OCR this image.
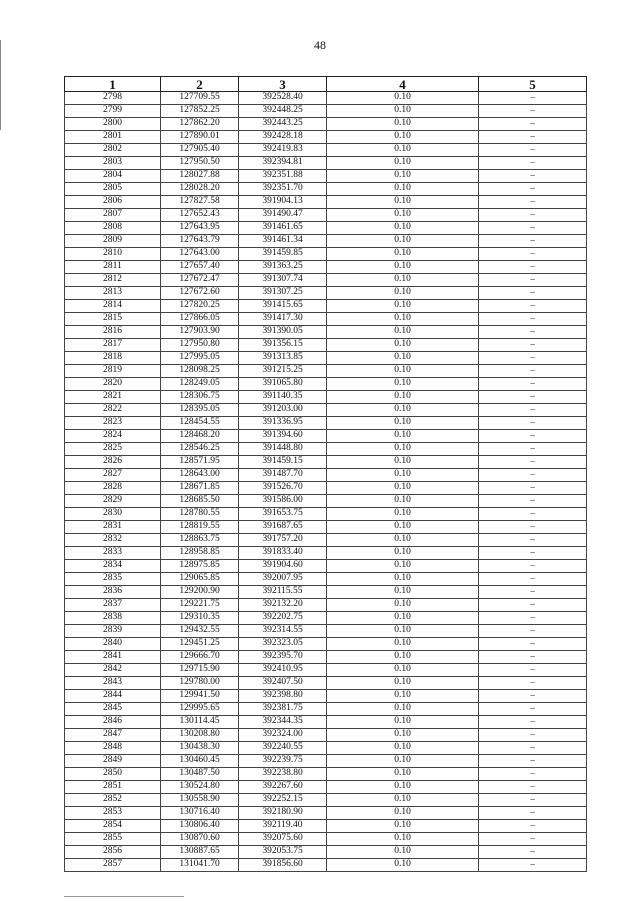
48
1	2	3	4	5
2798	127709.55	392528.40	0.10	–
2799	127852.25	392448.25	0.10	–
2800	127862.20	392443.25	0.10	–
2801	127890.01	392428.18	0.10	–
2802	127905.40	392419.83	0.10	–
2803	127950.50	392394.81	0.10	–
2804	128027.88	392351.88	0.10	–
2805	128028.20	392351.70	0.10	–
2806	127827.58	391904.13	0.10	–
2807	127652.43	391490.47	0.10	–
2808	127643.95	391461.65	0.10	–
2809	127643.79	391461.34	0.10	–
2810	127643.00	391459.85	0.10	–
2811	127657.40	391363.25	0.10	–
2812	127672.47	391307.74	0.10	–
2813	127672.60	391307.25	0.10	–
2814	127820.25	391415.65	0.10	–
2815	127866.05	391417.30	0.10	–
2816	127903.90	391390.05	0.10	–
2817	127950.80	391356.15	0.10	–
2818	127995.05	391313.85	0.10	–
2819	128098.25	391215.25	0.10	–
2820	128249.05	391065.80	0.10	–
2821	128306.75	391140.35	0.10	–
2822	128395.05	391203.00	0.10	–
2823	128454.55	391336.95	0.10	–
2824	128468.20	391394.60	0.10	–
2825	128546.25	391448.80	0.10	–
2826	128571.95	391459.15	0.10	–
2827	128643.00	391487.70	0.10	–
2828	128671.85	391526.70	0.10	–
2829	128685.50	391586.00	0.10	–
2830	128780.55	391653.75	0.10	–
2831	128819.55	391687.65	0.10	–
2832	128863.75	391757.20	0.10	–
2833	128958.85	391833.40	0.10	–
2834	128975.85	391904.60	0.10	–
2835	129065.85	392007.95	0.10	–
2836	129200.90	392115.55	0.10	–
2837	129221.75	392132.20	0.10	–
2838	129310.35	392202.75	0.10	–
2839	129432.55	392314.55	0.10	–
2840	129451.25	392323.05	0.10	–
2841	129666.70	392395.70	0.10	–
2842	129715.90	392410.95	0.10	–
2843	129780.00	392407.50	0.10	–
2844	129941.50	392398.80	0.10	–
2845	129995.65	392381.75	0.10	–
2846	130114.45	392344.35	0.10	–
2847	130208.80	392324.00	0.10	–
2848	130438.30	392240.55	0.10	–
2849	130460.45	392239.75	0.10	–
2850	130487.50	392238.80	0.10	–
2851	130524.80	392267.60	0.10	–
2852	130558.90	392252.15	0.10	–
2853	130716.40	392180.90	0.10	–
2854	130806.40	392119.40	0.10	–
2855	130870.60	392075.60	0.10	–
2856	130887.65	392053.75	0.10	–
2857	131041.70	391856.60	0.10	–
